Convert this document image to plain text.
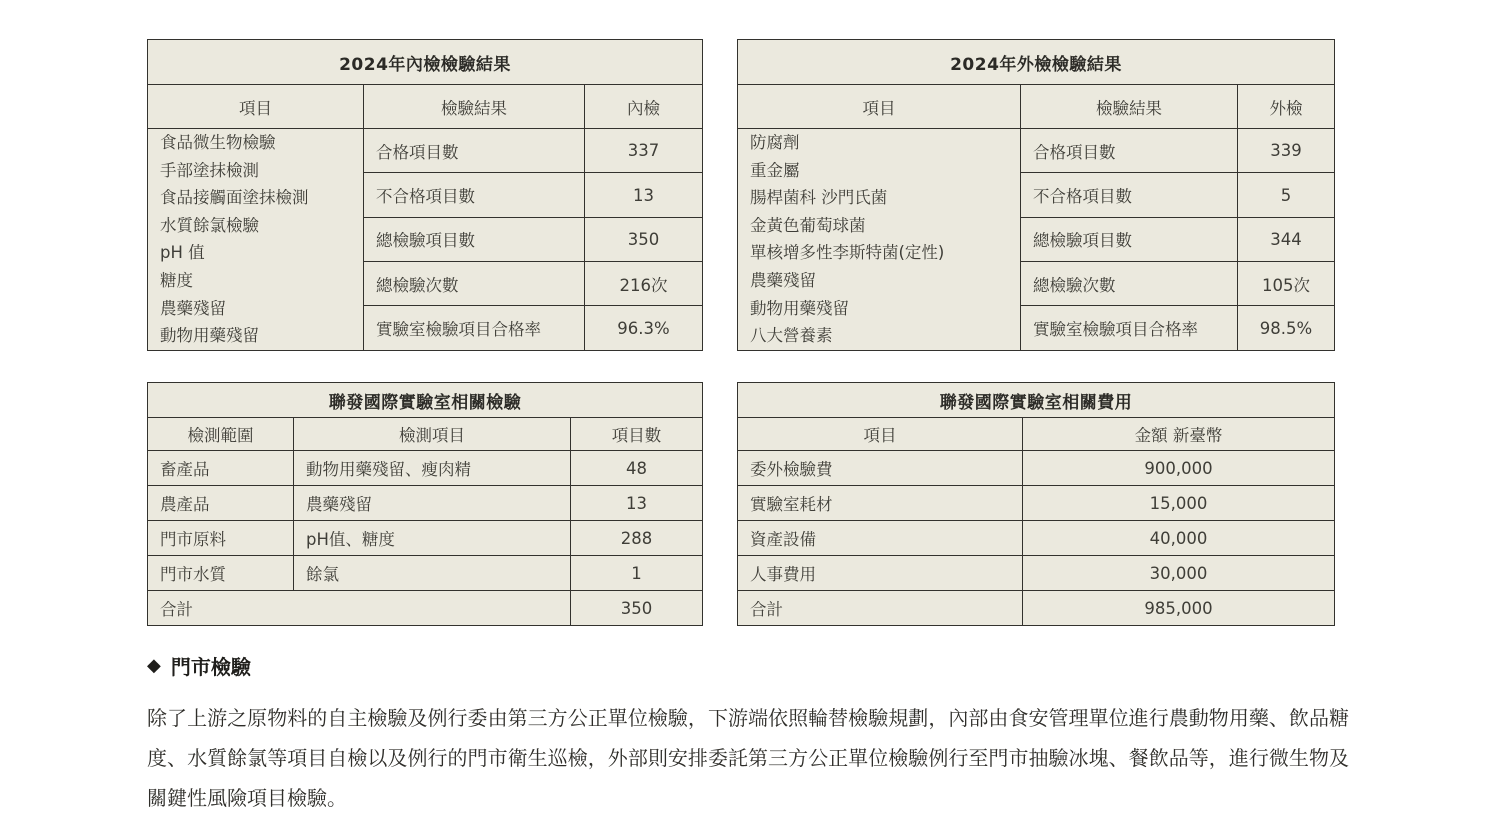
2024年內檢檢驗結果		
項目	檢驗結果	內檢

食品微生物檢驗
手部塗抹檢測
食品接觸面塗抹檢測
水質餘氯檢驗
pH 值
糖度
農藥殘留
動物用藥殘留
	合格項目數	337
	不合格項目數	13
	總檢驗項目數	350
	總檢驗次數	216次
	實驗室檢驗項目合格率	96.3%
2024年外檢檢驗結果		
項目	檢驗結果	外檢

防腐劑
重金屬
腸桿菌科 沙門氏菌
金黃色葡萄球菌
單核增多性李斯特菌(定性)
農藥殘留
動物用藥殘留
八大營養素
	合格項目數	339
	不合格項目數	5
	總檢驗項目數	344
	總檢驗次數	105次
	實驗室檢驗項目合格率	98.5%
聯發國際實驗室相關檢驗		
檢測範圍	檢測項目	項目數
畜產品	動物用藥殘留、瘦肉精	48
農產品	農藥殘留	13
門市原料	pH值、糖度	288
門市水質	餘氯	1
合計		350
聯發國際實驗室相關費用	
項目	金額 新臺幣
委外檢驗費	900,000
實驗室耗材	15,000
資產設備	40,000
人事費用	30,000
合計	985,000
◆ 門市檢驗
除了上游之原物料的自主檢驗及例行委由第三方公正單位檢驗，下游端依照輪替檢驗規劃，內部由食安管理單位進行農動物用藥、飲品糖度、水質餘氯等項目自檢以及例行的門市衛生巡檢，外部則安排委託第三方公正單位檢驗例行至門市抽驗冰塊、餐飲品等，進行微生物及關鍵性風險項目檢驗。
